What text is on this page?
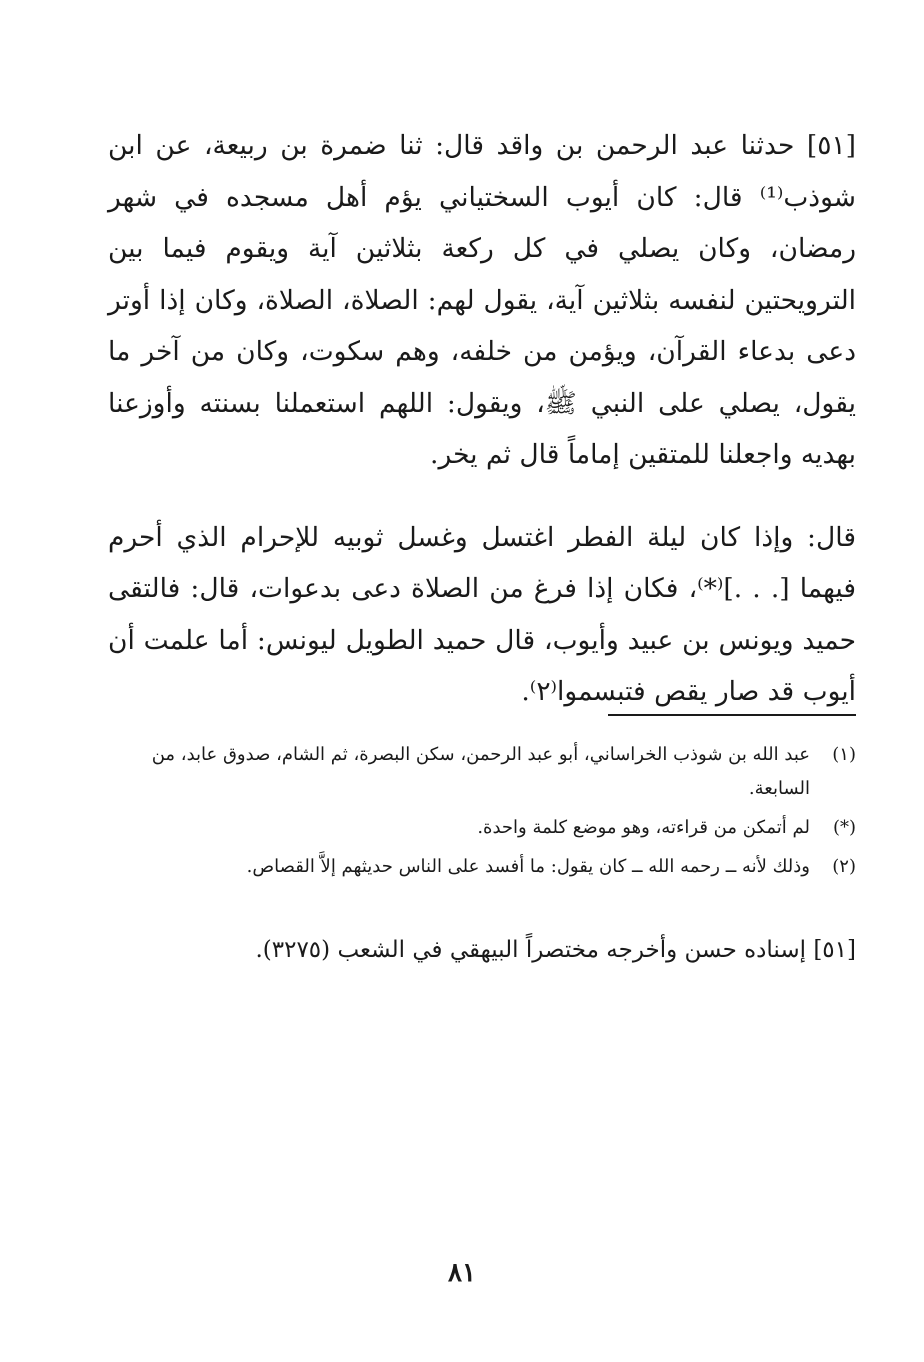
[٥١] حدثنا عبد الرحمن بن واقد قال: ثنا ضمرة بن ربيعة، عن ابن شوذب⁽¹⁾ قال: كان أيوب السختياني يؤم أهل مسجده في شهر رمضان، وكان يصلي في كل ركعة بثلاثين آية ويقوم فيما بين الترويحتين لنفسه بثلاثين آية، يقول لهم: الصلاة، الصلاة، وكان إذا أوتر دعى بدعاء القرآن، ويؤمن من خلفه، وهم سكوت، وكان من آخر ما يقول، يصلي على النبي ﷺ، ويقول: اللهم استعملنا بسنته وأوزعنا بهديه واجعلنا للمتقين إماماً قال ثم يخر.

قال: وإذا كان ليلة الفطر اغتسل وغسل ثوبيه للإحرام الذي أحرم فيهما [. . .]⁽*⁾، فكان إذا فرغ من الصلاة دعى بدعوات، قال: فالتقى حميد ويونس بن عبيد وأيوب، قال حميد الطويل ليونس: أما علمت أن أيوب قد صار يقص فتبسموا⁽٢⁾.

(١)
عبد الله بن شوذب الخراساني، أبو عبد الرحمن، سكن البصرة، ثم الشام، صدوق عابد، من السابعة.
(*)
لم أتمكن من قراءته، وهو موضع كلمة واحدة.
(٢)
وذلك لأنه ــ رحمه الله ــ كان يقول: ما أفسد على الناس حديثهم إلاَّ القصاص.

[٥١] إسناده حسن وأخرجه مختصراً البيهقي في الشعب (٣٢٧٥).

٨١
